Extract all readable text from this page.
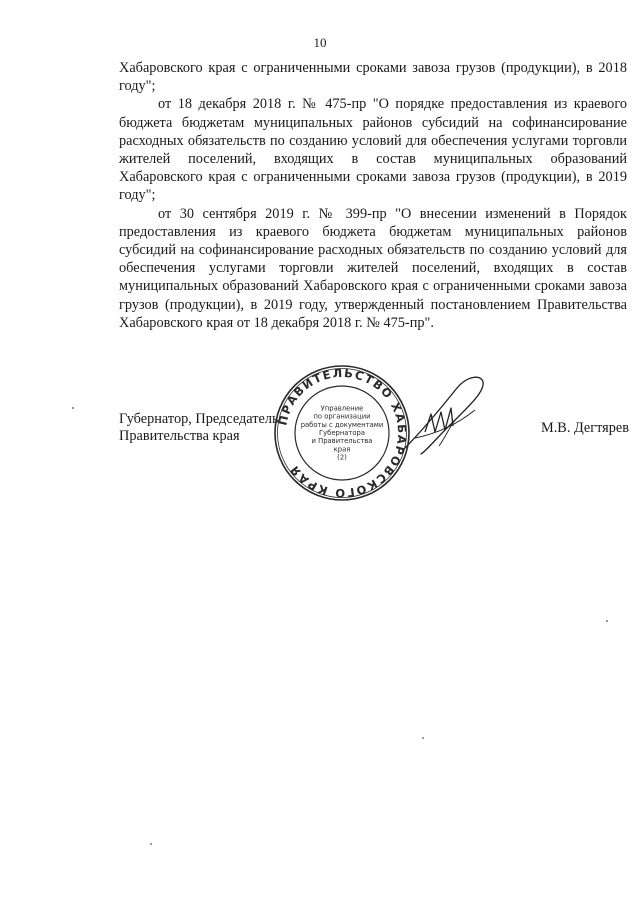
10

Хабаровского края с ограниченными сроками завоза грузов (продукции), в 2018 году";

от 18 декабря 2018 г. № 475-пр "О порядке предоставления из краевого бюджета бюджетам муниципальных районов субсидий на софинансирование расходных обязательств по созданию условий для обеспечения услугами торговли жителей поселений, входящих в состав муниципальных образований Хабаровского края с ограниченными сроками завоза грузов (продукции), в 2019 году";

от 30 сентября 2019 г. № 399-пр "О внесении изменений в Порядок предоставления из краевого бюджета бюджетам муниципальных районов субсидий на софинансирование расходных обязательств по созданию условий для обеспечения услугами торговли жителей поселений, входящих в состав муниципальных образований Хабаровского края с ограниченными сроками завоза грузов (продукции), в 2019 году, утвержденный постановлением Правительства Хабаровского края от 18 декабря 2018 г. № 475-пр".

Губернатор, Председатель
Правительства края	М.В. Дегтярев
ПРАВИТЕЛЬСТВО ХАБАРОВСКОГО КРАЯ
Управление
по организации
работы с документами
Губернатора
и Правительства
края
(2)
